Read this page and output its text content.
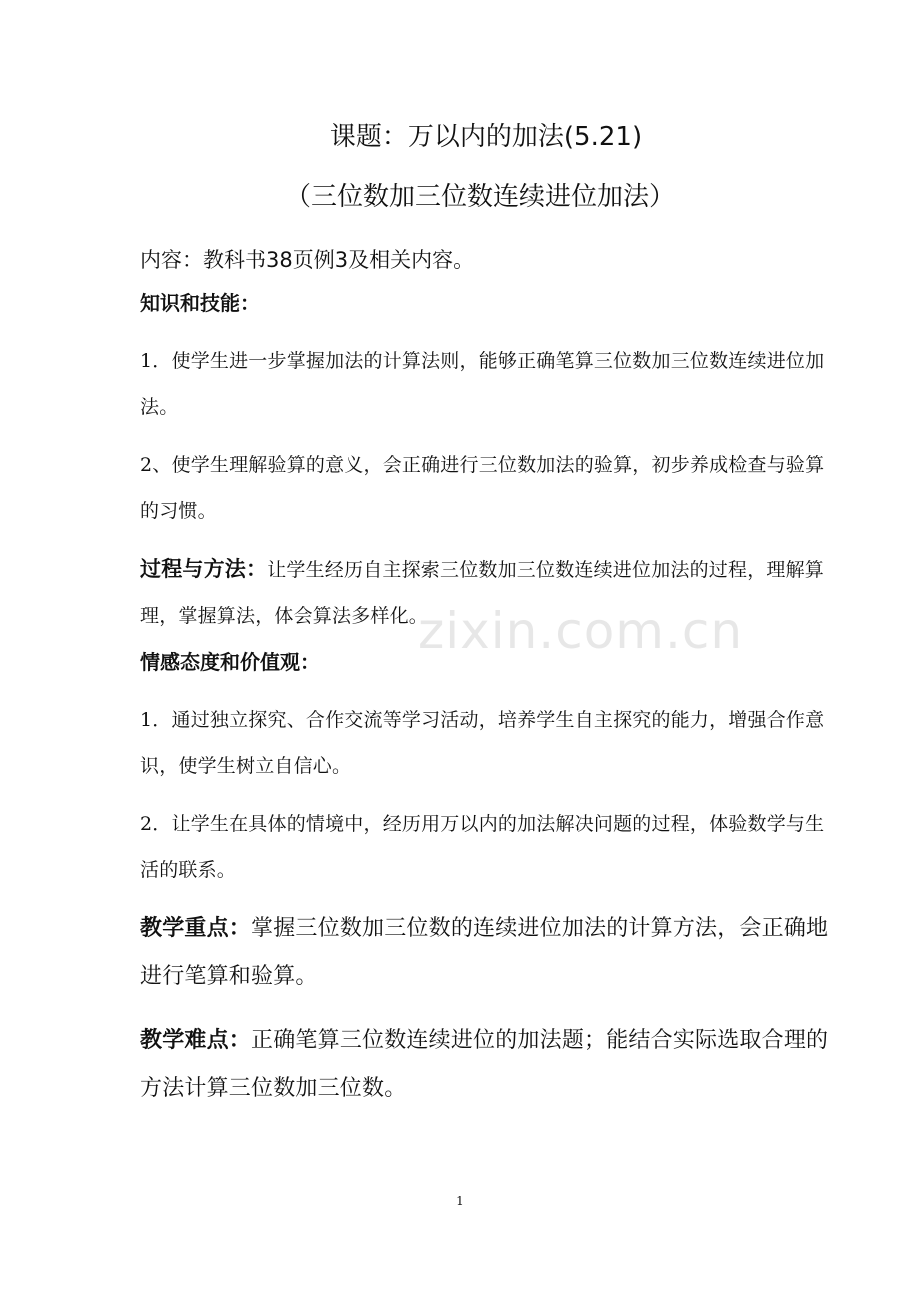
课题：万以内的加法(5.21)
（三位数加三位数连续进位加法）

内容：教科书38页例3及相关内容。

知识和技能：

1．使学生进一步掌握加法的计算法则，能够正确笔算三位数加三位数连续进位加法。

2、使学生理解验算的意义，会正确进行三位数加法的验算，初步养成检查与验算的习惯。

过程与方法：让学生经历自主探索三位数加三位数连续进位加法的过程，理解算理，掌握算法，体会算法多样化。

情感态度和价值观：

1．通过独立探究、合作交流等学习活动，培养学生自主探究的能力，增强合作意识，使学生树立自信心。

2．让学生在具体的情境中，经历用万以内的加法解决问题的过程，体验数学与生活的联系。

教学重点：掌握三位数加三位数的连续进位加法的计算方法，会正确地进行笔算和验算。

教学难点：正确笔算三位数连续进位的加法题；能结合实际选取合理的方法计算三位数加三位数。

zixin.com.cn
1
